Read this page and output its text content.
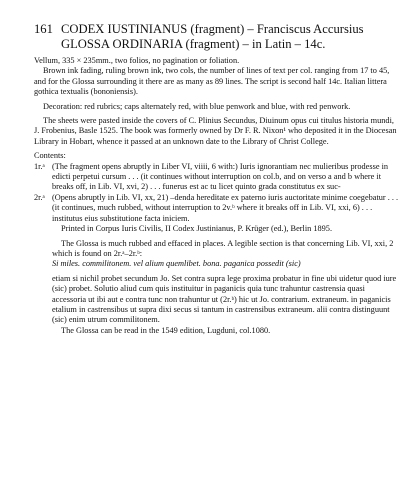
161 CODEX IUSTINIANUS (fragment) – Franciscus Accursius
GLOSSA ORDINARIA (fragment) – in Latin – 14c.

Vellum, 335 × 235mm., two folios, no pagination or foliation.

Brown ink fading, ruling brown ink, two cols, the number of lines of text per col. ranging from 17 to 45, and for the Glossa surrounding it there are as many as 89 lines. The script is second half 14c. Italian littera gothica textualis (bononiensis).

Decoration: red rubrics; caps alternately red, with blue penwork and blue, with red penwork.

The sheets were pasted inside the covers of C. Plinius Secundus, Diuinum opus cui titulus historia mundi, J. Frobenius, Basle 1525. The book was formerly owned by Dr F. R. Nixon¹ who deposited it in the Diocesan Library in Hobart, whence it passed at an unknown date to the Library of Christ College.

Contents:

1r.ᵃ (The fragment opens abruptly in Liber VI, viiii, 6 with:) Iuris ignorantiam nec mulieribus prodesse in edicti perpetui cursum . . . (it continues without interruption on col.b, and on verso a and b where it breaks off, in Lib. VI, xvi, 2) . . . funerus est ac tu licet quinto grada constitutus ex suc-

2r.ᵃ (Opens abruptly in Lib. VI, xx, 21) –denda hereditate ex paterno iuris auctoritate minime coegebatur . . . (it continues, much rubbed, without interruption to 2v.ᵇ where it breaks off in Lib. VI, xxi, 6) . . . institutus eius substitutione facta iniciem.

Printed in Corpus Iuris Civilis, II Codex Justinianus, P. Krüger (ed.), Berlin 1895.

The Glossa is much rubbed and effaced in places. A legible section is that concerning Lib. VI, xxi, 2 which is found on 2r.ᵃ–2r.ᵇ:

Si miles. commilitonem. vel alium quemlibet. bona. paganica possedit (sic)

etiam si nichil probet secundum Jo. Set contra supra lege proxima probatur in fine ubi uidetur quod iure (sic) probet. Solutio aliud cum quis instituitur in paganicis quia tunc trahuntur castrensia quasi accessoria ut ibi aut e contra tunc non trahuntur ut (2r.ᵇ) hic ut Jo. contrarium. extraneum. in paganicis etalium in castrensibus ut supra dixi secus si tantum in castrensibus extraneum. alii contra distinguunt (sic) enim utrum commilitonem.

The Glossa can be read in the 1549 edition, Lugduni, col.1080.
